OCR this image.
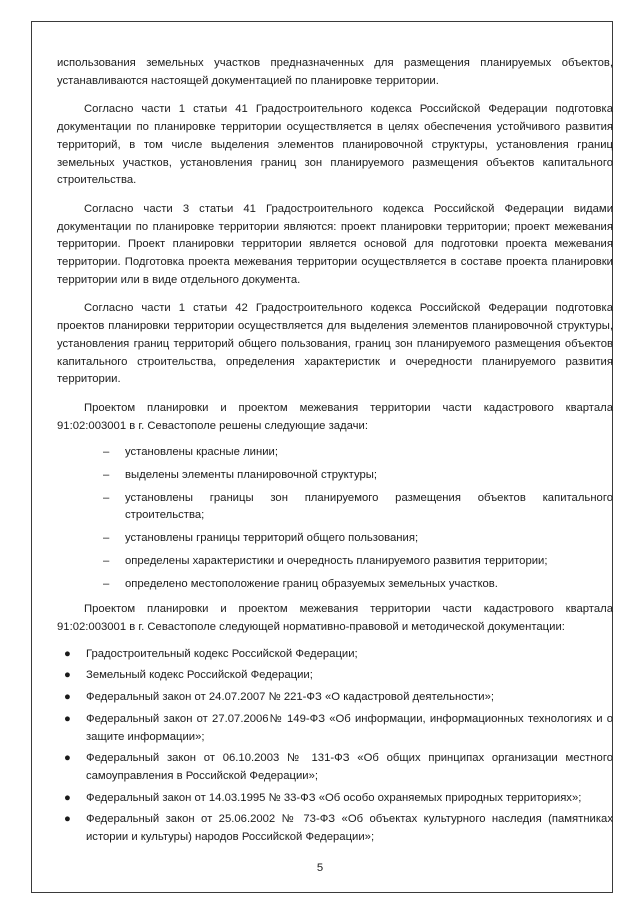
использования земельных участков предназначенных для размещения планируемых объектов, устанавливаются настоящей документацией по планировке территории.

Согласно части 1 статьи 41 Градостроительного кодекса Российской Федерации подготовка документации по планировке территории осуществляется в целях обеспечения устойчивого развития территорий, в том числе выделения элементов планировочной структуры, установления границ земельных участков, установления границ зон планируемого размещения объектов капитального строительства.

Согласно части 3 статьи 41 Градостроительного кодекса Российской Федерации видами документации по планировке территории являются: проект планировки территории; проект межевания территории. Проект планировки территории является основой для подготовки проекта межевания территории. Подготовка проекта межевания территории осуществляется в составе проекта планировки территории или в виде отдельного документа.

Согласно части 1 статьи 42 Градостроительного кодекса Российской Федерации подготовка проектов планировки территории осуществляется для выделения элементов планировочной структуры, установления границ территорий общего пользования, границ зон планируемого размещения объектов капитального строительства, определения характеристик и очередности планируемого развития территории.

Проектом планировки и проектом межевания территории части кадастрового квартала 91:02:003001 в г. Севастополе решены следующие задачи:

– установлены красные линии;
– выделены элементы планировочной структуры;
– установлены границы зон планируемого размещения объектов капитального строительства;
– установлены границы территорий общего пользования;
– определены характеристики и очередность планируемого развития территории;
– определено местоположение границ образуемых земельных участков.

Проектом планировки и проектом межевания территории части кадастрового квартала 91:02:003001 в г. Севастополе следующей нормативно-правовой и методической документации:

● Градостроительный кодекс Российской Федерации;
● Земельный кодекс Российской Федерации;
● Федеральный закон от 24.07.2007 № 221-ФЗ «О кадастровой деятельности»;
● Федеральный закон от 27.07.2006№ 149-ФЗ «Об информации, информационных технологиях и о защите информации»;
● Федеральный закон от 06.10.2003 № 131-ФЗ «Об общих принципах организации местного самоуправления в Российской Федерации»;
● Федеральный закон от 14.03.1995 № 33-ФЗ «Об особо охраняемых природных территориях»;
● Федеральный закон от 25.06.2002 № 73-ФЗ «Об объектах культурного наследия (памятниках истории и культуры) народов Российской Федерации»;
5
